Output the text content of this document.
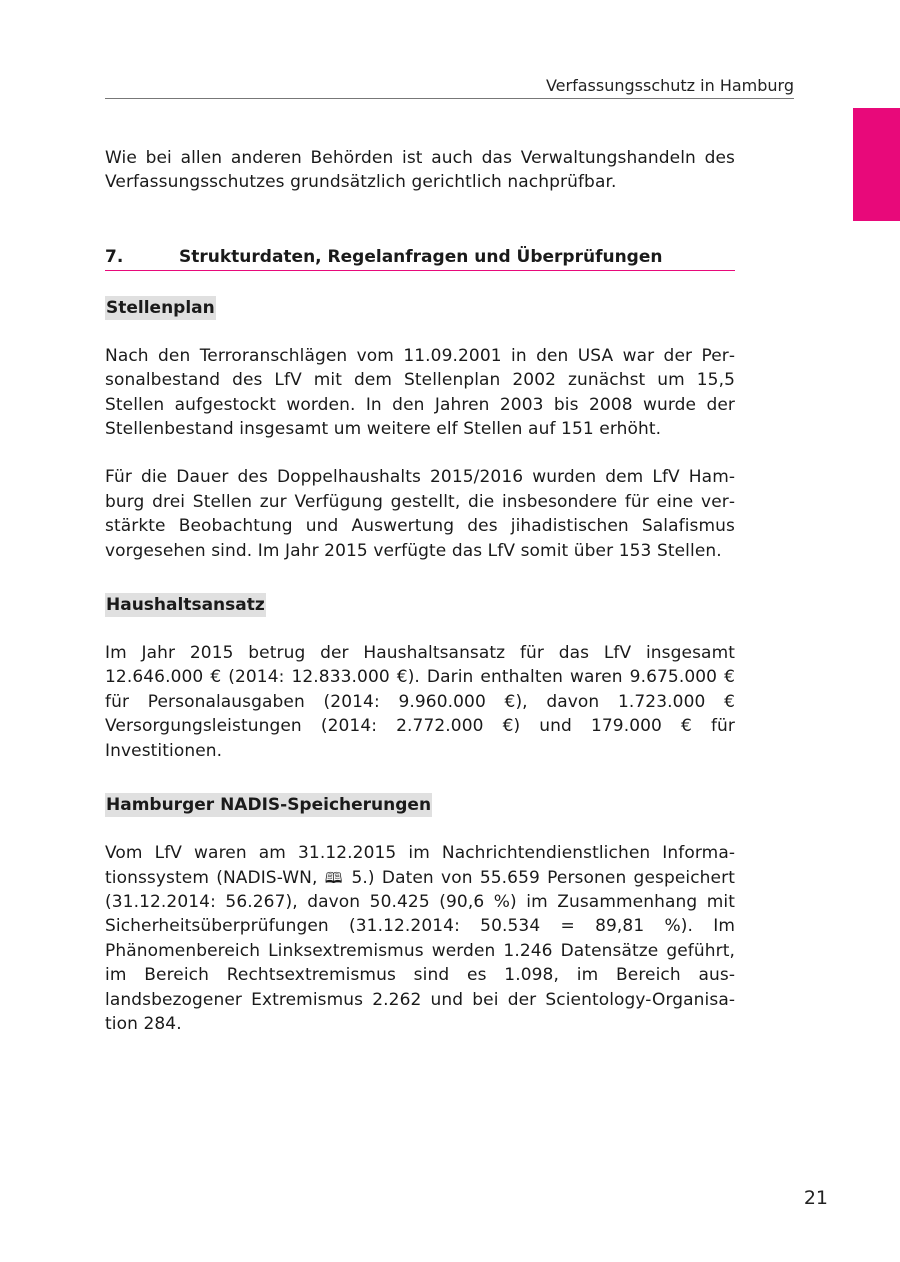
Verfassungsschutz in Hamburg

Wie bei allen anderen Behörden ist auch das Verwaltungshandeln des Verfassungsschutzes grundsätzlich gerichtlich nachprüfbar.

7.	Strukturdaten, Regelanfragen und Überprüfungen
Stellenplan

Nach den Terroranschlägen vom 11.09.2001 in den USA war der Personalbestand des LfV mit dem Stellenplan 2002 zunächst um 15,5 Stellen aufgestockt worden. In den Jahren 2003 bis 2008 wurde der Stellenbestand insgesamt um weitere elf Stellen auf 151 erhöht.

Für die Dauer des Doppelhaushalts 2015/2016 wurden dem LfV Hamburg drei Stellen zur Verfügung gestellt, die insbesondere für eine verstärkte Beobachtung und Auswertung des jihadistischen Salafismus vorgesehen sind. Im Jahr 2015 verfügte das LfV somit über 153 Stellen.

Haushaltsansatz

Im Jahr 2015 betrug der Haushaltsansatz für das LfV insgesamt 12.646.000 € (2014: 12.833.000 €). Darin enthalten waren 9.675.000 € für Personalausgaben (2014: 9.960.000 €), davon 1.723.000 € Versorgungsleistungen (2014: 2.772.000 €) und 179.000 € für Investitionen.

Hamburger NADIS-Speicherungen

Vom LfV waren am 31.12.2015 im Nachrichtendienstlichen Informationssystem (NADIS-WN, 🕮 5.) Daten von 55.659 Personen gespeichert (31.12.2014: 56.267), davon 50.425 (90,6 %) im Zusammenhang mit Sicherheitsüberprüfungen (31.12.2014: 50.534 = 89,81 %). Im Phänomenbereich Linksextremismus werden 1.246 Datensätze geführt, im Bereich Rechtsextremismus sind es 1.098, im Bereich auslandsbezogener Extremismus 2.262 und bei der Scientology-Organisation 284.

21
